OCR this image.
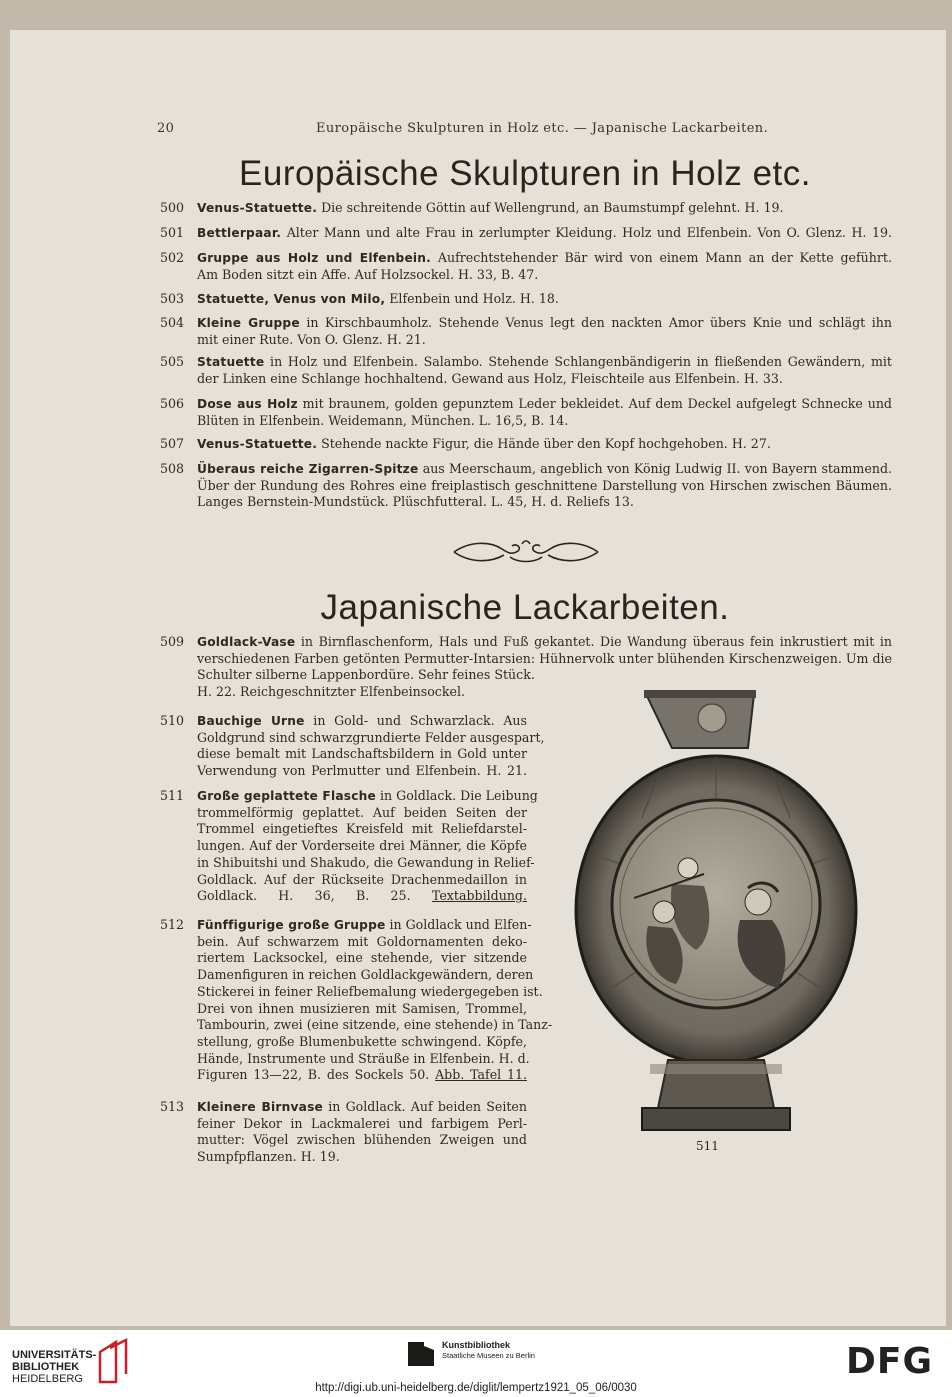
20	Europäische Skulpturen in Holz etc. — Japanische Lackarbeiten.
Europäische Skulpturen in Holz etc.
500	Venus-Statuette. Die schreitende Göttin auf Wellengrund, an Baumstumpf gelehnt. H. 19.
501	Bettlerpaar. Alter Mann und alte Frau in zerlumpter Kleidung. Holz und Elfenbein. Von O. Glenz. H. 19.
502	Gruppe aus Holz und Elfenbein. Aufrechtstehender Bär wird von einem Mann an der Kette geführt.
Am Boden sitzt ein Affe. Auf Holzsockel. H. 33, B. 47.
503	Statuette, Venus von Milo, Elfenbein und Holz. H. 18.
504	Kleine Gruppe in Kirschbaumholz. Stehende Venus legt den nackten Amor übers Knie und schlägt ihn
mit einer Rute. Von O. Glenz. H. 21.
505	Statuette in Holz und Elfenbein. Salambo. Stehende Schlangenbändigerin in fließenden Gewändern, mit
der Linken eine Schlange hochhaltend. Gewand aus Holz, Fleischteile aus Elfenbein. H. 33.
506	Dose aus Holz mit braunem, golden gepunztem Leder bekleidet. Auf dem Deckel aufgelegt Schnecke und
Blüten in Elfenbein. Weidemann, München. L. 16,5, B. 14.
507	Venus-Statuette. Stehende nackte Figur, die Hände über den Kopf hochgehoben. H. 27.
508	Überaus reiche Zigarren-Spitze aus Meerschaum, angeblich von König Ludwig II. von Bayern stammend.
Über der Rundung des Rohres eine freiplastisch geschnittene Darstellung von Hirschen zwischen Bäumen.
Langes Bernstein-Mundstück. Plüschfutteral. L. 45, H. d. Reliefs 13.
Japanische Lackarbeiten.
509	Goldlack-Vase in Birnflaschenform, Hals und Fuß gekantet. Die Wandung überaus fein inkrustiert mit in
verschiedenen Farben getönten Permutter-Intarsien: Hühnervolk unter blühenden Kirschenzweigen. Um die
Schulter silberne Lappenbordüre. Sehr feines Stück.
H. 22. Reichgeschnitzter Elfenbeinsockel.
510	Bauchige Urne in Gold- und Schwarzlack. Aus
Goldgrund sind schwarzgrundierte Felder ausgespart,
diese bemalt mit Landschaftsbildern in Gold unter
Verwendung von Perlmutter und Elfenbein. H. 21.
511	Große geplattete Flasche in Goldlack. Die Leibung
trommelförmig geplattet. Auf beiden Seiten der
Trommel eingetieftes Kreisfeld mit Reliefdarstel-
lungen. Auf der Vorderseite drei Männer, die Köpfe
in Shibuitshi und Shakudo, die Gewandung in Relief-
Goldlack. Auf der Rückseite Drachenmedaillon in
Goldlack. H. 36, B. 25. Textabbildung.
512	Fünffigurige große Gruppe in Goldlack und Elfen-
bein. Auf schwarzem mit Goldornamenten deko-
riertem Lacksockel, eine stehende, vier sitzende
Damenfiguren in reichen Goldlackgewändern, deren
Stickerei in feiner Reliefbemalung wiedergegeben ist.
Drei von ihnen musizieren mit Samisen, Trommel,
Tambourin, zwei (eine sitzende, eine stehende) in Tanz-
stellung, große Blumenbukette schwingend. Köpfe,
Hände, Instrumente und Sträuße in Elfenbein. H. d.
Figuren 13—22, B. des Sockels 50. Abb. Tafel 11.
513	Kleinere Birnvase in Goldlack. Auf beiden Seiten
feiner Dekor in Lackmalerei und farbigem Perl-
mutter: Vögel zwischen blühenden Zweigen und
Sumpfpflanzen. H. 19.
511
UNIVERSITÄTS-
BIBLIOTHEK
HEIDELBERG
Kunstbibliothek
Staatliche Museen zu Berlin	DFG
http://digi.ub.uni-heidelberg.de/diglit/lempertz1921_05_06/0030
